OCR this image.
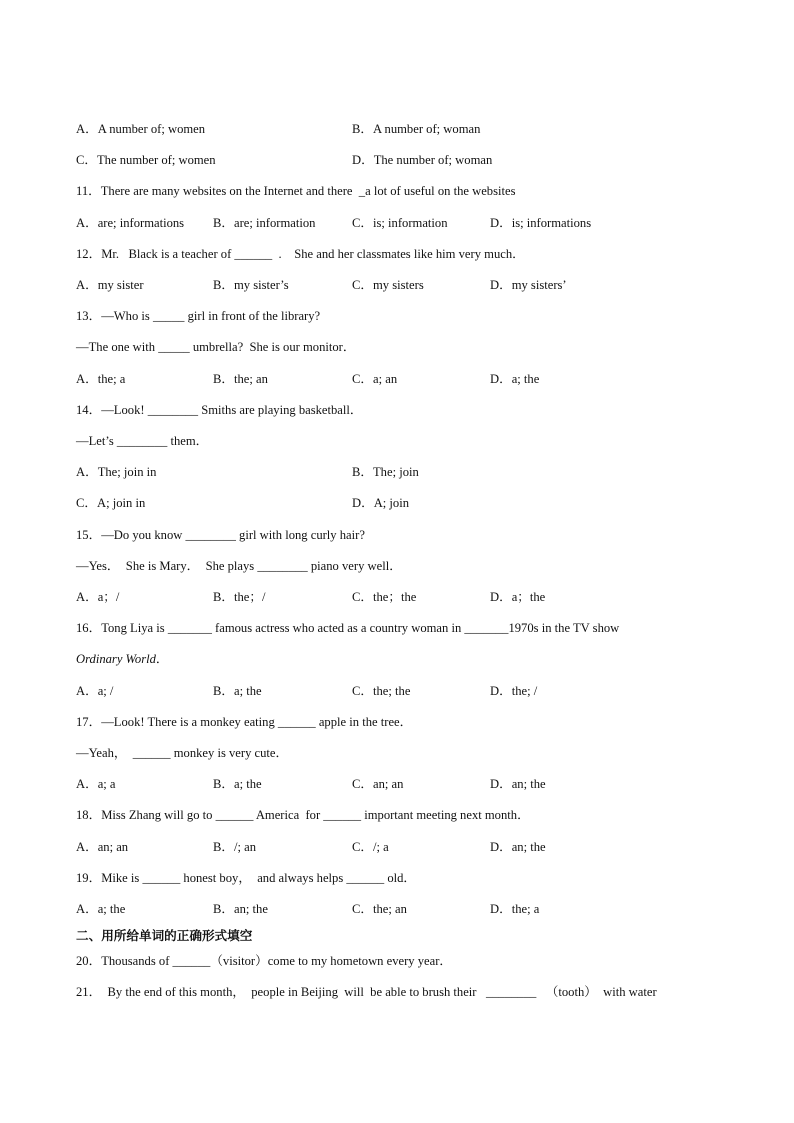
A．A number of; women	B．A number of; woman
C．The number of; women	D．The number of; woman
11．There are many websites on the Internet and there  _a lot of useful on the websites
A．are; informations B．are; information	C．is; information	D．is; informations
12．Mr.   Black is a teacher of ______  .    She and her classmates like him very much．
A．my sister	B．my sister’s	C．my sisters	D．my sisters’
13．—Who is _____ girl in front of the library?
—The one with _____ umbrella?  She is our monitor．
A．the; a	B．the; an	C．a; an	D．a; the
14．—Look! ________ Smiths are playing basketball．
—Let’s ________ them．
A．The; join in	B．The; join
C．A; join in	D．A; join
15．—Do you know ________ girl with long curly hair?
—Yes．  She is Mary．  She plays ________ piano very well．
A．a；/	B．the；/	C．the；the	D．a；the
16．Tong Liya is _______ famous actress who acted as a country woman in _______1970s in the TV show
Ordinary World．
A．a; /	B．a; the	C．the; the	D．the; /
17．—Look! There is a monkey eating ______ apple in the tree．
—Yeah，  ______ monkey is very cute．
A．a; a	B．a; the	C．an; an	D．an; the
18．Miss Zhang will go to ______ America  for ______ important meeting next month．
A．an; an	B．/; an	C．/; a	D．an; the
19．Mike is ______ honest boy，  and always helps ______ old．
A．a; the	B．an; the	C．the; an	D．the; a
二、用所给单词的正确形式填空
20．Thousands of ______（visitor）come to my hometown every year．
21．  By the end of this month，  people in Beijing  will  be able to brush their   ________   （tooth）  with water
